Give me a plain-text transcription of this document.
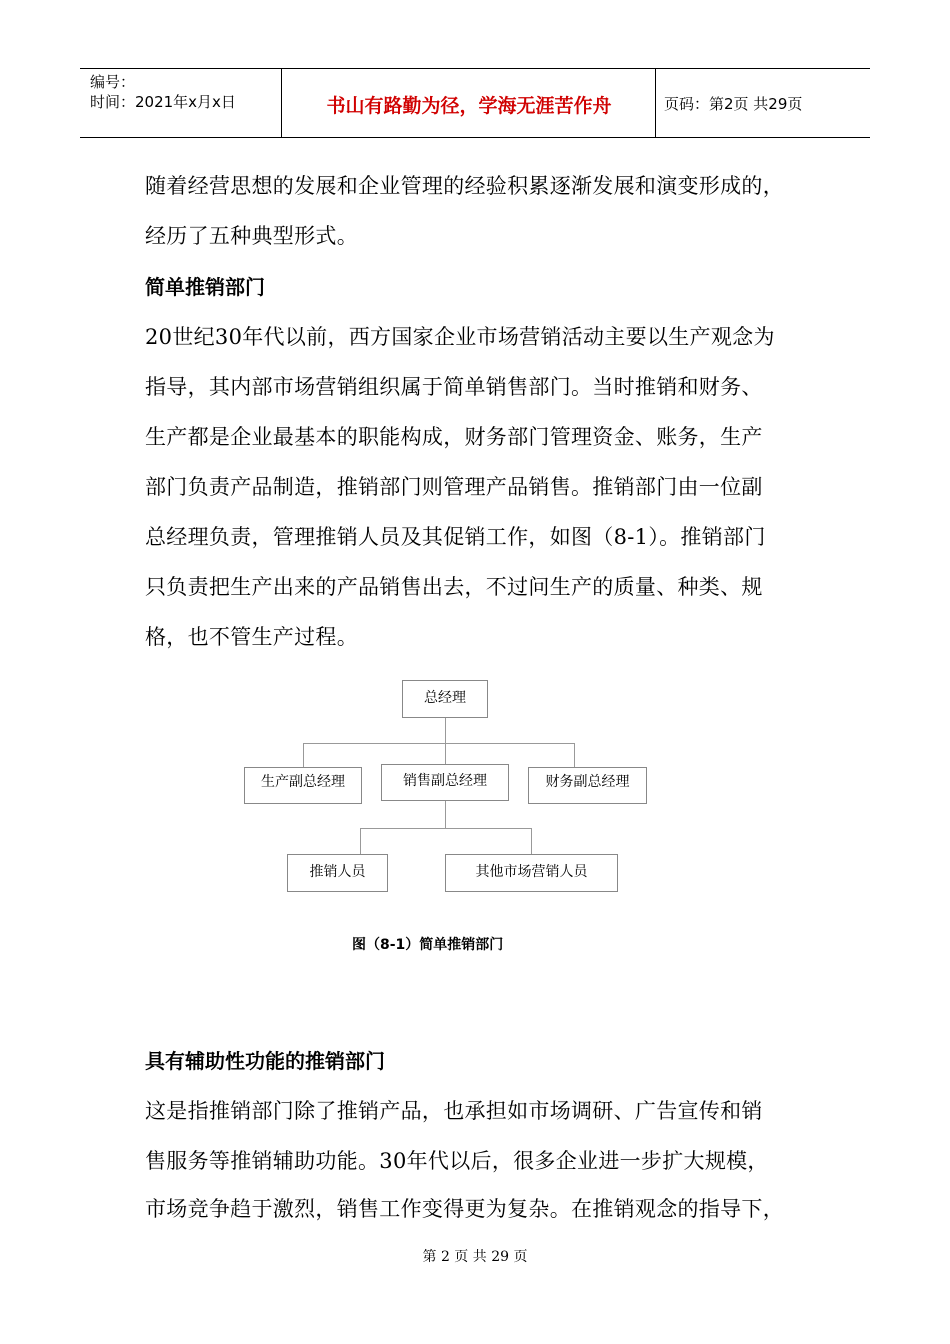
编号：
时间：2021年x月x日	书山有路勤为径，学海无涯苦作舟	页码：第2页 共29页
随着经营思想的发展和企业管理的经验积累逐渐发展和演变形成的，
经历了五种典型形式。
简单推销部门
20世纪30年代以前，西方国家企业市场营销活动主要以生产观念为
指导，其内部市场营销组织属于简单销售部门。当时推销和财务、
生产都是企业最基本的职能构成，财务部门管理资金、账务，生产
部门负责产品制造，推销部门则管理产品销售。推销部门由一位副
总经理负责，管理推销人员及其促销工作，如图（8-1）。推销部门
只负责把生产出来的产品销售出去，不过问生产的质量、种类、规
格，也不管生产过程。
总经理
生产副总经理	销售副总经理	财务副总经理
推销人员	其他市场营销人员
图（8-1）简单推销部门
具有辅助性功能的推销部门
这是指推销部门除了推销产品，也承担如市场调研、广告宣传和销
售服务等推销辅助功能。30年代以后，很多企业进一步扩大规模，
市场竞争趋于激烈，销售工作变得更为复杂。在推销观念的指导下，
第 2 页 共 29 页
